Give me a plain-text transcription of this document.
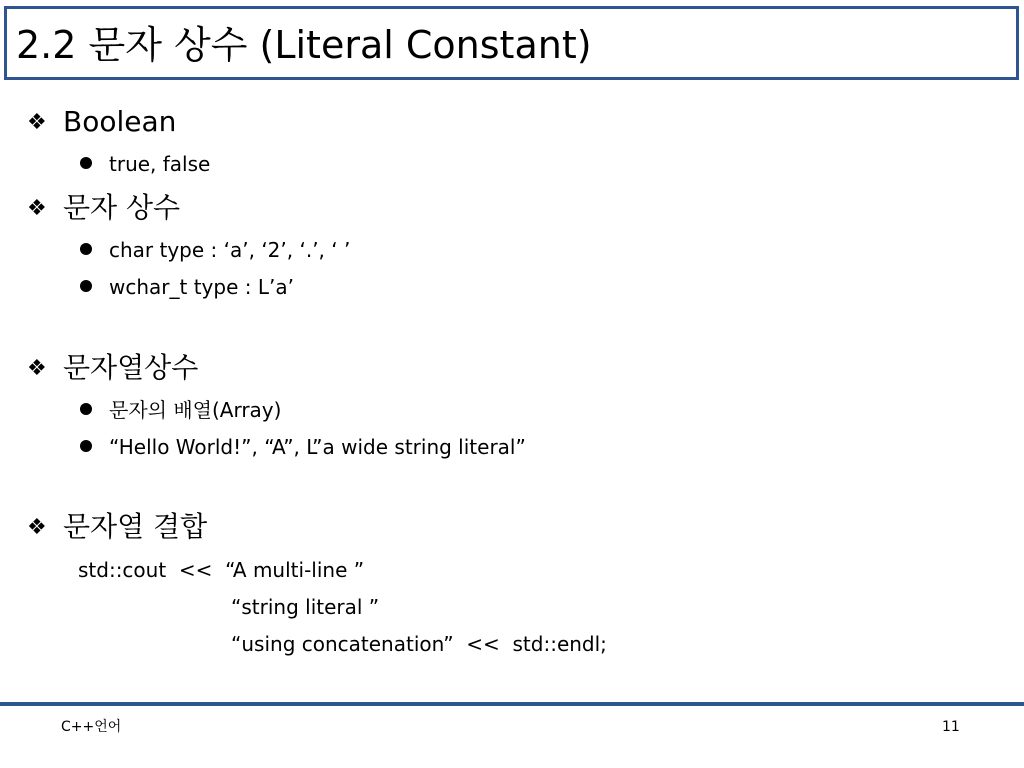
2.2 문자 상수 (Literal Constant)
❖ Boolean
true, false
❖ 문자 상수
char type : ‘a’, ‘2’, ‘.’, ‘ ’
wchar_t type : L’a’
❖ 문자열상수
문자의 배열(Array)
“Hello World!”, “A”, L”a wide string literal”
❖ 문자열 결합
std::cout  <<  “A multi-line ”
“string literal ”
“using concatenation”  <<  std::endl;
C++언어	11
